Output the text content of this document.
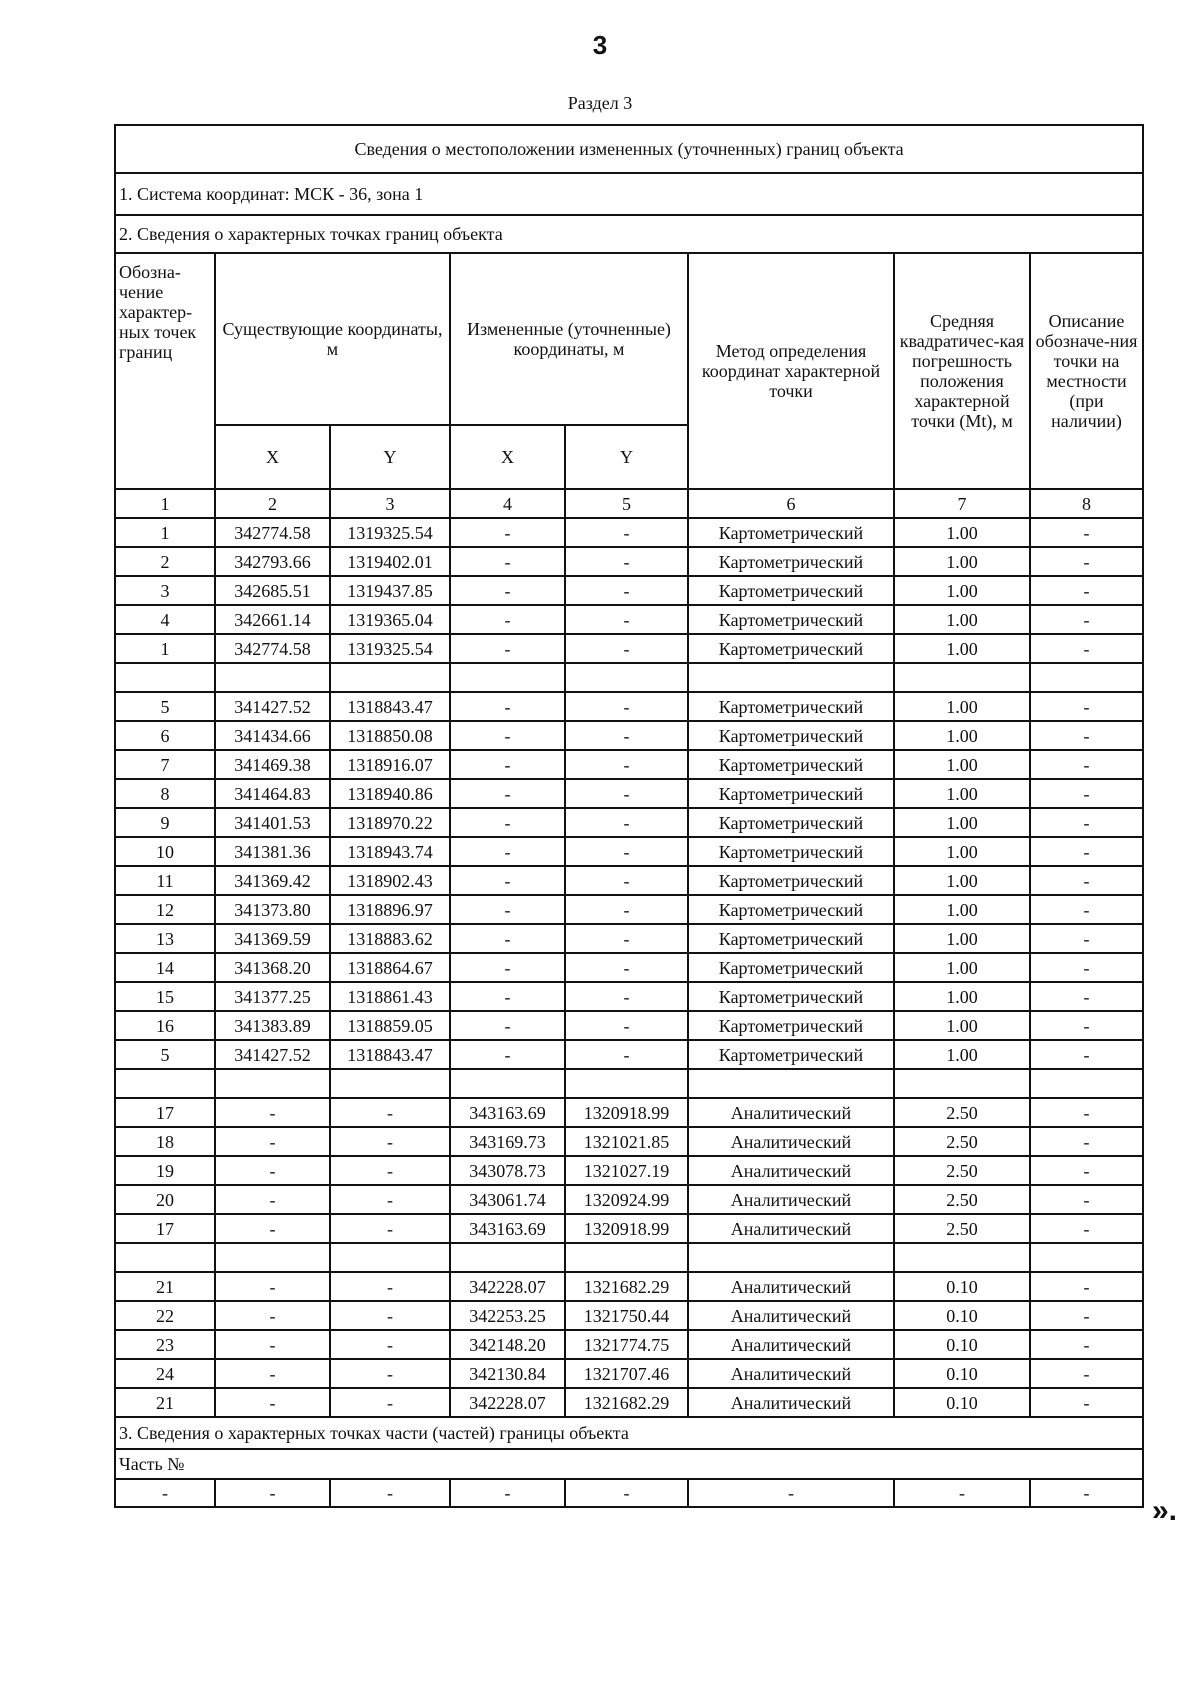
3
Раздел 3
Сведения о местоположении измененных (уточненных) границ объекта							
1. Система координат: МСК - 36, зона 1							
2. Сведения о характерных точках границ объекта							
Обозна-чение характер-ных точек границ	Существующие координаты, м		Измененные (уточненные) координаты, м		Метод определения координат характерной точки	Средняя квадратичес-кая погрешность положения характерной точки (Mt), м	Описание обозначе-ния точки на местности (при наличии)
	X	Y	X	Y			
1	2	3	4	5	6	7	8
1	342774.58	1319325.54	-	-	Картометрический	1.00	-
2	342793.66	1319402.01	-	-	Картометрический	1.00	-
3	342685.51	1319437.85	-	-	Картометрический	1.00	-
4	342661.14	1319365.04	-	-	Картометрический	1.00	-
1	342774.58	1319325.54	-	-	Картометрический	1.00	-

5	341427.52	1318843.47	-	-	Картометрический	1.00	-
6	341434.66	1318850.08	-	-	Картометрический	1.00	-
7	341469.38	1318916.07	-	-	Картометрический	1.00	-
8	341464.83	1318940.86	-	-	Картометрический	1.00	-
9	341401.53	1318970.22	-	-	Картометрический	1.00	-
10	341381.36	1318943.74	-	-	Картометрический	1.00	-
11	341369.42	1318902.43	-	-	Картометрический	1.00	-
12	341373.80	1318896.97	-	-	Картометрический	1.00	-
13	341369.59	1318883.62	-	-	Картометрический	1.00	-
14	341368.20	1318864.67	-	-	Картометрический	1.00	-
15	341377.25	1318861.43	-	-	Картометрический	1.00	-
16	341383.89	1318859.05	-	-	Картометрический	1.00	-
5	341427.52	1318843.47	-	-	Картометрический	1.00	-

17	-	-	343163.69	1320918.99	Аналитический	2.50	-
18	-	-	343169.73	1321021.85	Аналитический	2.50	-
19	-	-	343078.73	1321027.19	Аналитический	2.50	-
20	-	-	343061.74	1320924.99	Аналитический	2.50	-
17	-	-	343163.69	1320918.99	Аналитический	2.50	-

21	-	-	342228.07	1321682.29	Аналитический	0.10	-
22	-	-	342253.25	1321750.44	Аналитический	0.10	-
23	-	-	342148.20	1321774.75	Аналитический	0.10	-
24	-	-	342130.84	1321707.46	Аналитический	0.10	-
21	-	-	342228.07	1321682.29	Аналитический	0.10	-
3. Сведения о характерных точках части (частей) границы объекта							
Часть №							
-	-	-	-	-	-	-	-
».
